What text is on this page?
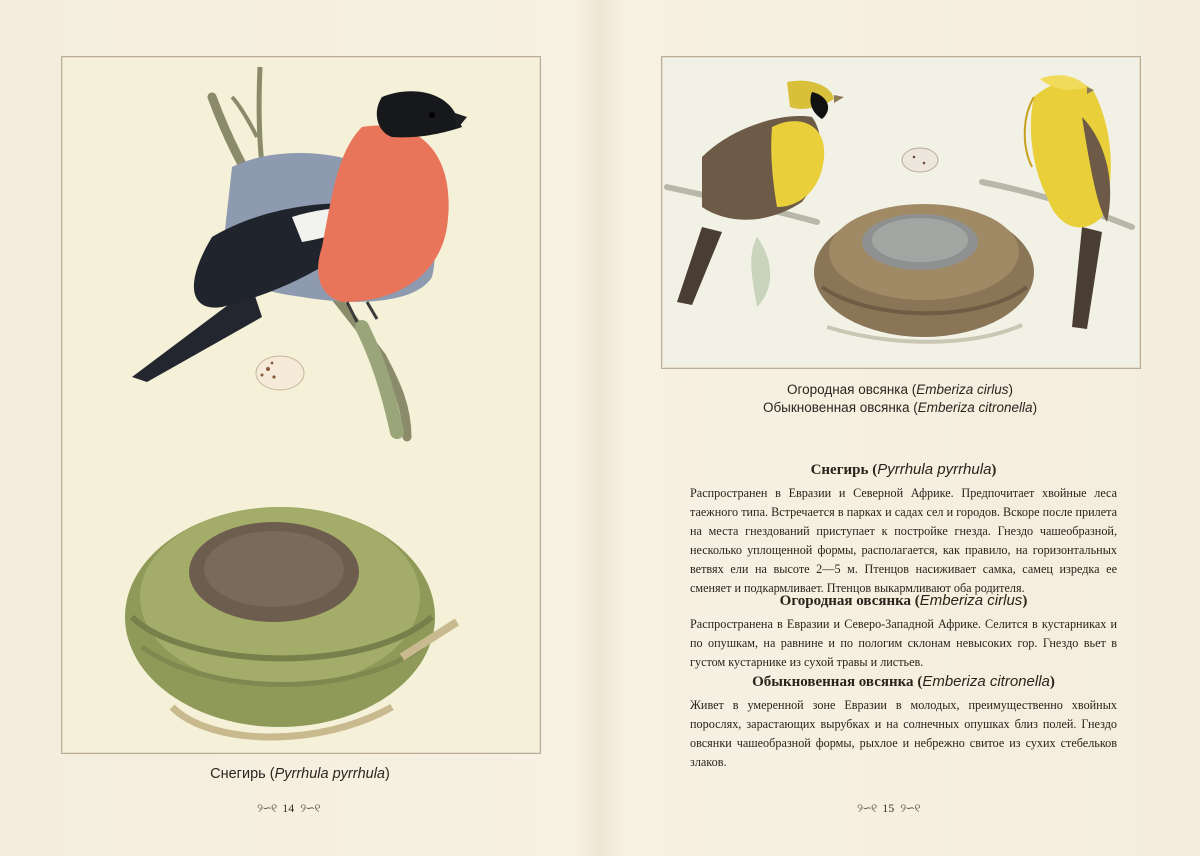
Снегирь (Pyrrhula pyrrhula)
୨∽୧ 14 ୨∽୧
Огородная овсянка (Emberiza cirlus)
Обыкновенная овсянка (Emberiza citronella)
Снегирь (Pyrrhula pyrrhula)

Распространен в Евразии и Северной Африке. Предпочитает хвойные леса таежного типа. Встречается в парках и садах сел и городов. Вскоре после прилета на места гнездований приступает к постройке гнезда. Гнездо чашеобразной, несколько уплощенной формы, располагается, как правило, на горизонтальных ветвях ели на высоте 2—5 м. Птенцов насиживает самка, самец изредка ее сменяет и подкармливает. Птенцов выкармливают оба родителя.

Огородная овсянка (Emberiza cirlus)

Распространена в Евразии и Северо-Западной Африке. Селится в кустарниках и по опушкам, на равнине и по пологим склонам невысоких гор. Гнездо вьет в густом кустарнике из сухой травы и листьев.

Обыкновенная овсянка (Emberiza citronella)

Живет в умеренной зоне Евразии в молодых, преимущественно хвойных порослях, зарастающих вырубках и на солнечных опушках близ полей. Гнездо овсянки чашеобразной формы, рыхлое и небрежно свитое из сухих стебельков злаков.

୨∽୧ 15 ୨∽୧
